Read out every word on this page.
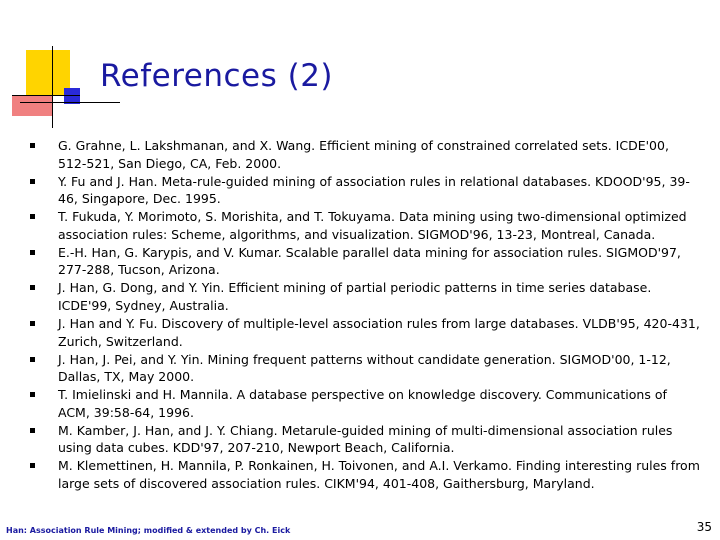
References (2)
G. Grahne, L. Lakshmanan, and X. Wang. Efficient mining of constrained correlated sets. ICDE'00, 512-521, San Diego, CA, Feb. 2000.
Y. Fu and J. Han. Meta-rule-guided mining of association rules in relational databases. KDOOD'95, 39-46, Singapore, Dec. 1995.
T. Fukuda, Y. Morimoto, S. Morishita, and T. Tokuyama. Data mining using two-dimensional optimized association rules: Scheme, algorithms, and visualization. SIGMOD'96, 13-23, Montreal, Canada.
E.-H. Han, G. Karypis, and V. Kumar. Scalable parallel data mining for association rules. SIGMOD'97, 277-288, Tucson, Arizona.
J. Han, G. Dong, and Y. Yin. Efficient mining of partial periodic patterns in time series database. ICDE'99, Sydney, Australia.
J. Han and Y. Fu. Discovery of multiple-level association rules from large databases. VLDB'95, 420-431, Zurich, Switzerland.
J. Han, J. Pei, and Y. Yin. Mining frequent patterns without candidate generation. SIGMOD'00, 1-12, Dallas, TX, May 2000.
T. Imielinski and H. Mannila. A database perspective on knowledge discovery. Communications of ACM, 39:58-64, 1996.
M. Kamber, J. Han, and J. Y. Chiang. Metarule-guided mining of multi-dimensional association rules using data cubes. KDD'97, 207-210, Newport Beach, California.
M. Klemettinen, H. Mannila, P. Ronkainen, H. Toivonen, and A.I. Verkamo. Finding interesting rules from large sets of discovered association rules. CIKM'94, 401-408, Gaithersburg, Maryland.
Han: Association Rule Mining; modified & extended by Ch. Eick	35
